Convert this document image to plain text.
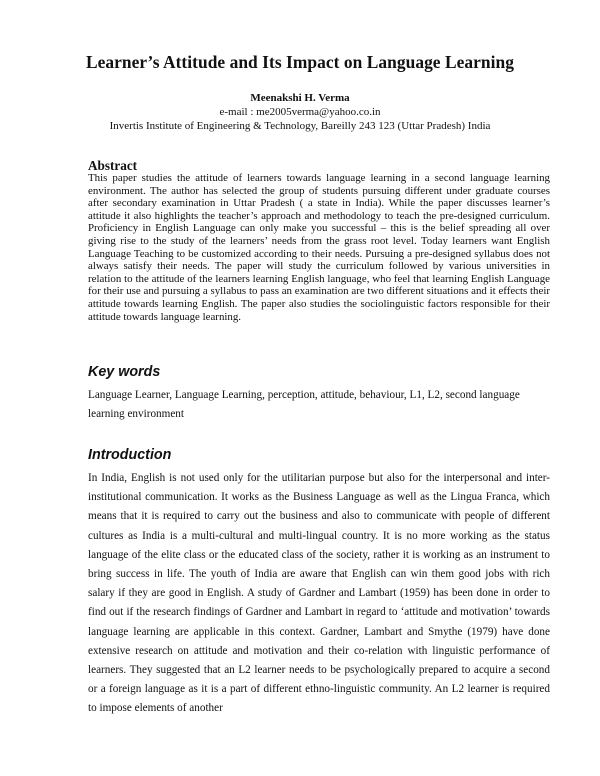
Learner’s Attitude and Its Impact on Language Learning
Meenakshi H. Verma
e-mail : me2005verma@yahoo.co.in
Invertis Institute of Engineering & Technology, Bareilly 243 123 (Uttar Pradesh) India
Abstract
This paper studies the attitude of learners towards language learning in a second language learning environment. The author has selected the group of students pursuing different under graduate courses after secondary examination in Uttar Pradesh ( a state in India). While the paper discusses learner’s attitude it also highlights the teacher’s approach and methodology to teach the pre-designed curriculum. Proficiency in English Language can only make you successful – this is the belief spreading all over giving rise to the study of the learners’ needs from the grass root level. Today learners want English Language Teaching to be customized according to their needs. Pursuing a pre-designed syllabus does not always satisfy their needs. The paper will study the curriculum followed by various universities in relation to the attitude of the learners learning English language, who feel that learning English Language for their use and pursuing a syllabus to pass an examination are two different situations and it effects their attitude towards learning English. The paper also studies the sociolinguistic factors responsible for their attitude towards language learning.
Key words
Language Learner, Language Learning, perception, attitude, behaviour, L1, L2, second language learning environment
Introduction
In India, English is not used only for the utilitarian purpose but also for the interpersonal and inter-institutional communication. It works as the Business Language as well as the Lingua Franca, which means that it is required to carry out the business and also to communicate with people of different cultures as India is a multi-cultural and multi-lingual country. It is no more working as the status language of the elite class or the educated class of the society, rather it is working as an instrument to bring success in life. The youth of India are aware that English can win them good jobs with rich salary if they are good in English. A study of Gardner and Lambart (1959) has been done in order to find out if the research findings of Gardner and Lambart in regard to ‘attitude and motivation’ towards language learning are applicable in this context. Gardner, Lambart and Smythe (1979) have done extensive research on attitude and motivation and their co-relation with linguistic performance of learners. They suggested that an L2 learner needs to be psychologically prepared to acquire a second or a foreign language as it is a part of different ethno-linguistic community. An L2 learner is required to impose elements of another
